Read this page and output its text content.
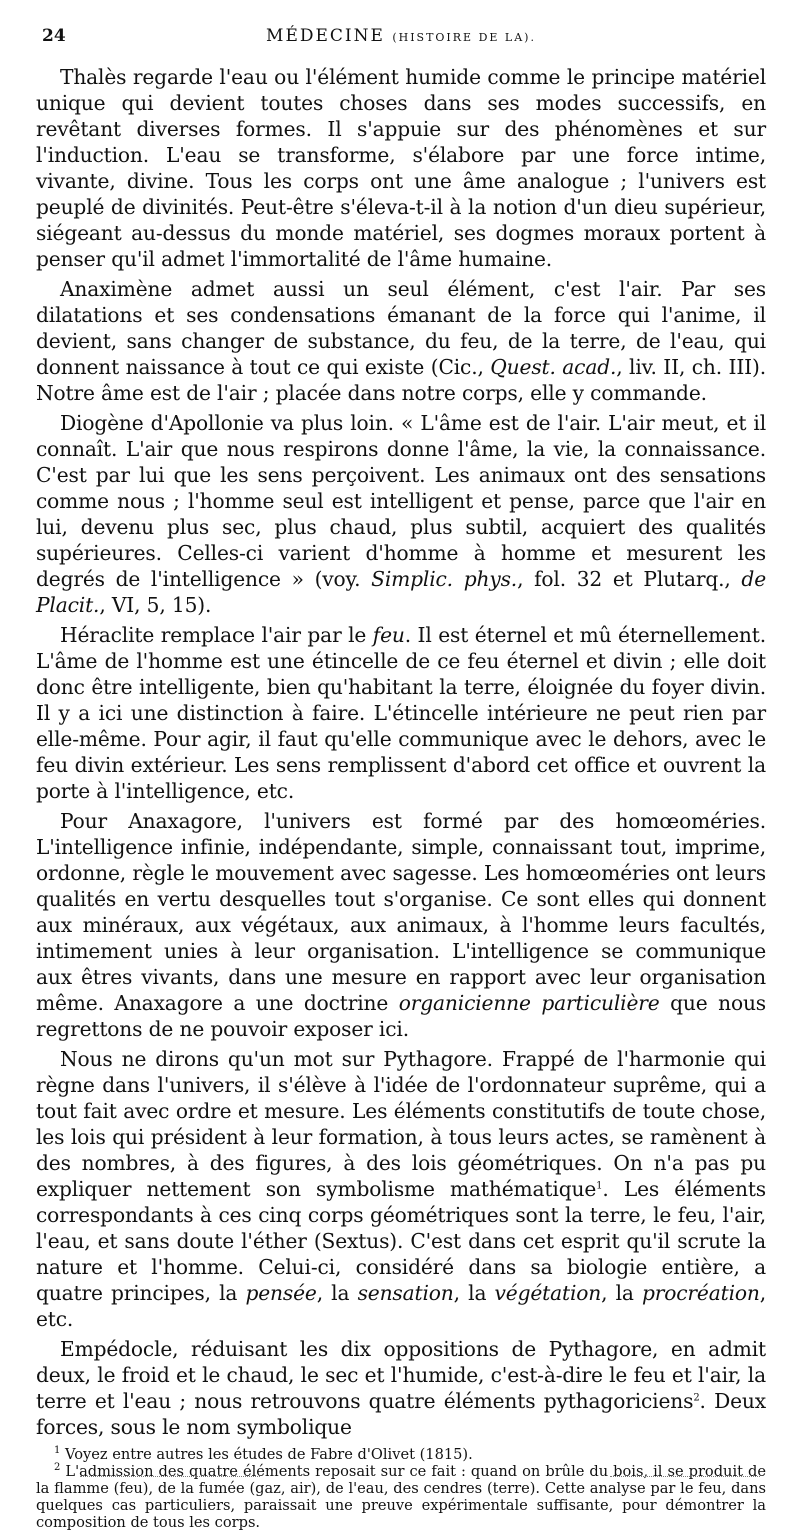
24	MÉDECINE (HISTOIRE DE LA).

Thalès regarde l'eau ou l'élément humide comme le principe matériel unique qui devient toutes choses dans ses modes successifs, en revêtant diverses formes. Il s'appuie sur des phénomènes et sur l'induction. L'eau se transforme, s'élabore par une force intime, vivante, divine. Tous les corps ont une âme analogue ; l'univers est peuplé de divinités. Peut-être s'éleva-t-il à la notion d'un dieu supérieur, siégeant au-dessus du monde matériel, ses dogmes moraux portent à penser qu'il admet l'immortalité de l'âme humaine.

Anaximène admet aussi un seul élément, c'est l'air. Par ses dilatations et ses condensations émanant de la force qui l'anime, il devient, sans changer de substance, du feu, de la terre, de l'eau, qui donnent naissance à tout ce qui existe (Cic., Quest. acad., liv. II, ch. III). Notre âme est de l'air ; placée dans notre corps, elle y commande.

Diogène d'Apollonie va plus loin. « L'âme est de l'air. L'air meut, et il connaît. L'air que nous respirons donne l'âme, la vie, la connaissance. C'est par lui que les sens perçoivent. Les animaux ont des sensations comme nous ; l'homme seul est intelligent et pense, parce que l'air en lui, devenu plus sec, plus chaud, plus subtil, acquiert des qualités supérieures. Celles-ci varient d'homme à homme et mesurent les degrés de l'intelligence » (voy. Simplic. phys., fol. 32 et Plutarq., de Placit., VI, 5, 15).

Héraclite remplace l'air par le feu. Il est éternel et mû éternellement. L'âme de l'homme est une étincelle de ce feu éternel et divin ; elle doit donc être intelligente, bien qu'habitant la terre, éloignée du foyer divin. Il y a ici une distinction à faire. L'étincelle intérieure ne peut rien par elle-même. Pour agir, il faut qu'elle communique avec le dehors, avec le feu divin extérieur. Les sens remplissent d'abord cet office et ouvrent la porte à l'intelligence, etc.

Pour Anaxagore, l'univers est formé par des homœoméries. L'intelligence infinie, indépendante, simple, connaissant tout, imprime, ordonne, règle le mouvement avec sagesse. Les homœoméries ont leurs qualités en vertu desquelles tout s'organise. Ce sont elles qui donnent aux minéraux, aux végétaux, aux animaux, à l'homme leurs facultés, intimement unies à leur organisation. L'intelligence se communique aux êtres vivants, dans une mesure en rapport avec leur organisation même. Anaxagore a une doctrine organicienne particulière que nous regrettons de ne pouvoir exposer ici.

Nous ne dirons qu'un mot sur Pythagore. Frappé de l'harmonie qui règne dans l'univers, il s'élève à l'idée de l'ordonnateur suprême, qui a tout fait avec ordre et mesure. Les éléments constitutifs de toute chose, les lois qui président à leur formation, à tous leurs actes, se ramènent à des nombres, à des figures, à des lois géométriques. On n'a pas pu expliquer nettement son symbolisme mathématique$^1$. Les éléments correspondants à ces cinq corps géométriques sont la terre, le feu, l'air, l'eau, et sans doute l'éther (Sextus). C'est dans cet esprit qu'il scrute la nature et l'homme. Celui-ci, considéré dans sa biologie entière, a quatre principes, la pensée, la sensation, la végétation, la procréation, etc.

Empédocle, réduisant les dix oppositions de Pythagore, en admit deux, le froid et le chaud, le sec et l'humide, c'est-à-dire le feu et l'air, la terre et l'eau ; nous retrouvons quatre éléments pythagoriciens$^2$. Deux forces, sous le nom symbolique

$^1$ Voyez entre autres les études de Fabre d'Olivet (1815).

$^2$ L'admission des quatre éléments reposait sur ce fait : quand on brûle du bois, il se produit de la flamme (feu), de la fumée (gaz, air), de l'eau, des cendres (terre). Cette analyse par le feu, dans quelques cas particuliers, paraissait une preuve expérimentale suffisante, pour démontrer la composition de tous les corps.
